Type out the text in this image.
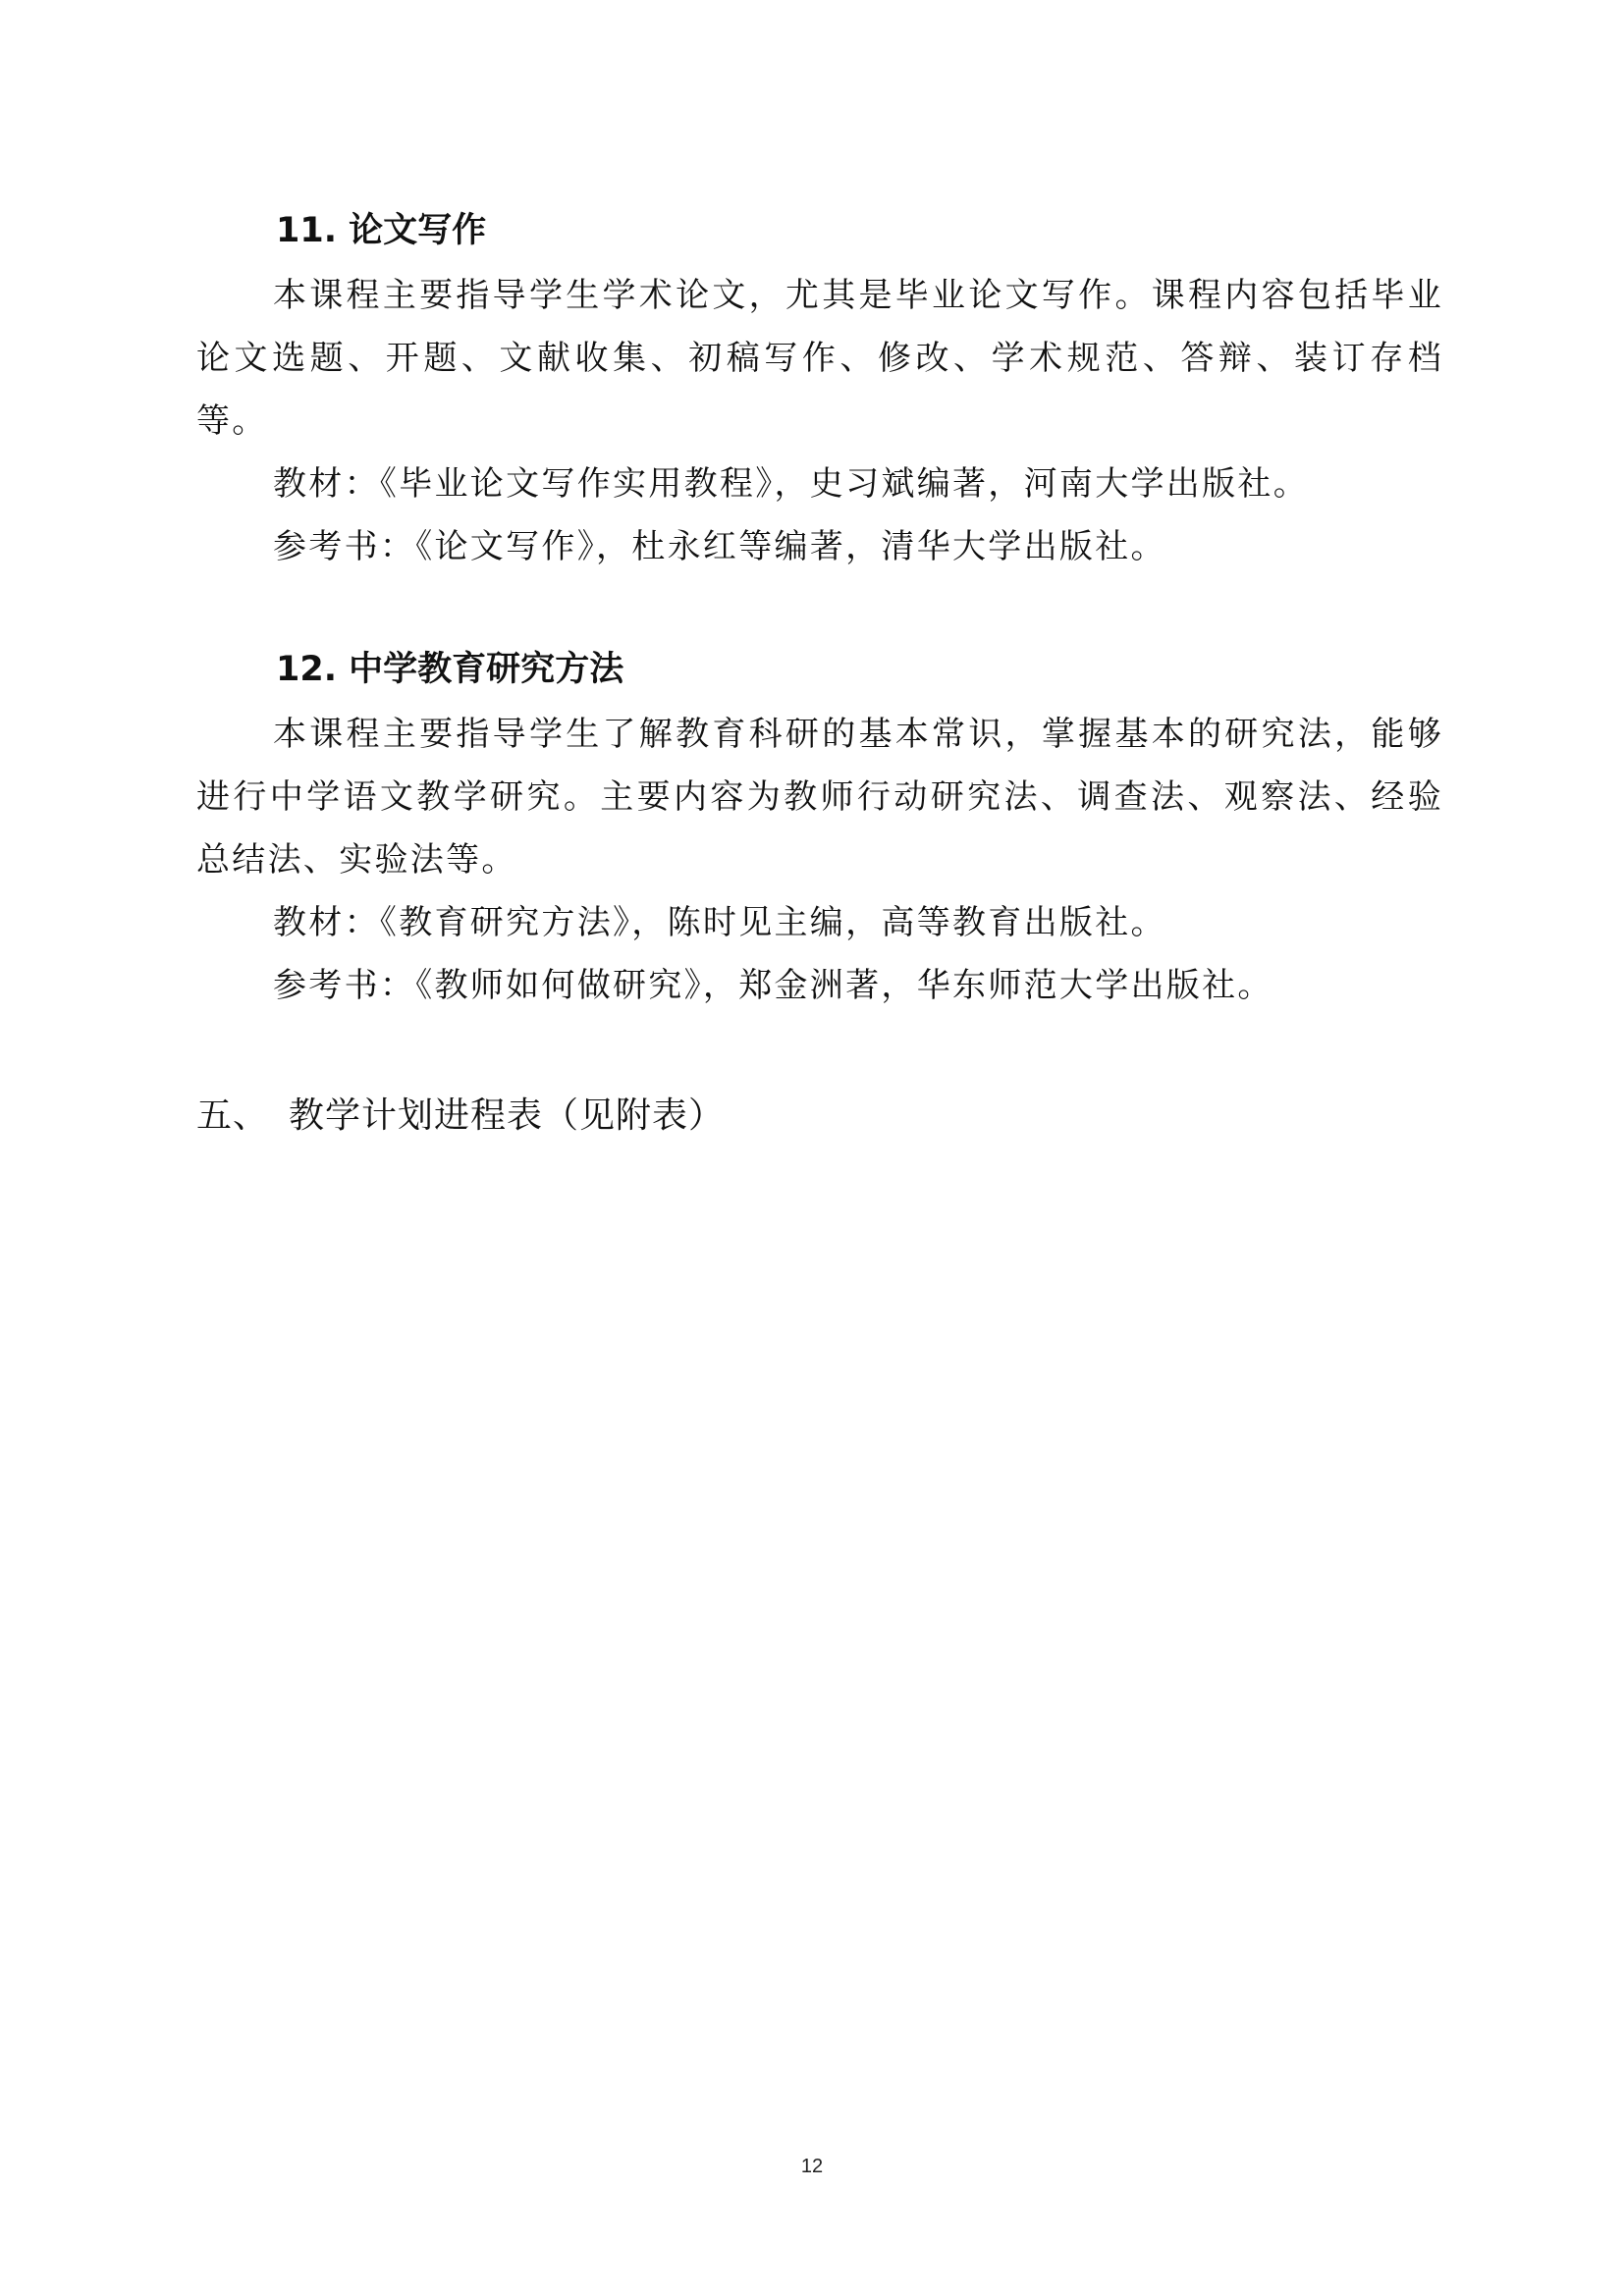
11. 论文写作

本课程主要指导学生学术论文，尤其是毕业论文写作。课程内容包括毕业论文选题、开题、文献收集、初稿写作、修改、学术规范、答辩、装订存档等。

教材：《毕业论文写作实用教程》，史习斌编著，河南大学出版社。

参考书：《论文写作》，杜永红等编著，清华大学出版社。

12. 中学教育研究方法

本课程主要指导学生了解教育科研的基本常识，掌握基本的研究法，能够进行中学语文教学研究。主要内容为教师行动研究法、调查法、观察法、经验总结法、实验法等。

教材：《教育研究方法》，陈时见主编，高等教育出版社。

参考书：《教师如何做研究》，郑金洲著，华东师范大学出版社。

五、 教学计划进程表（见附表）
12
